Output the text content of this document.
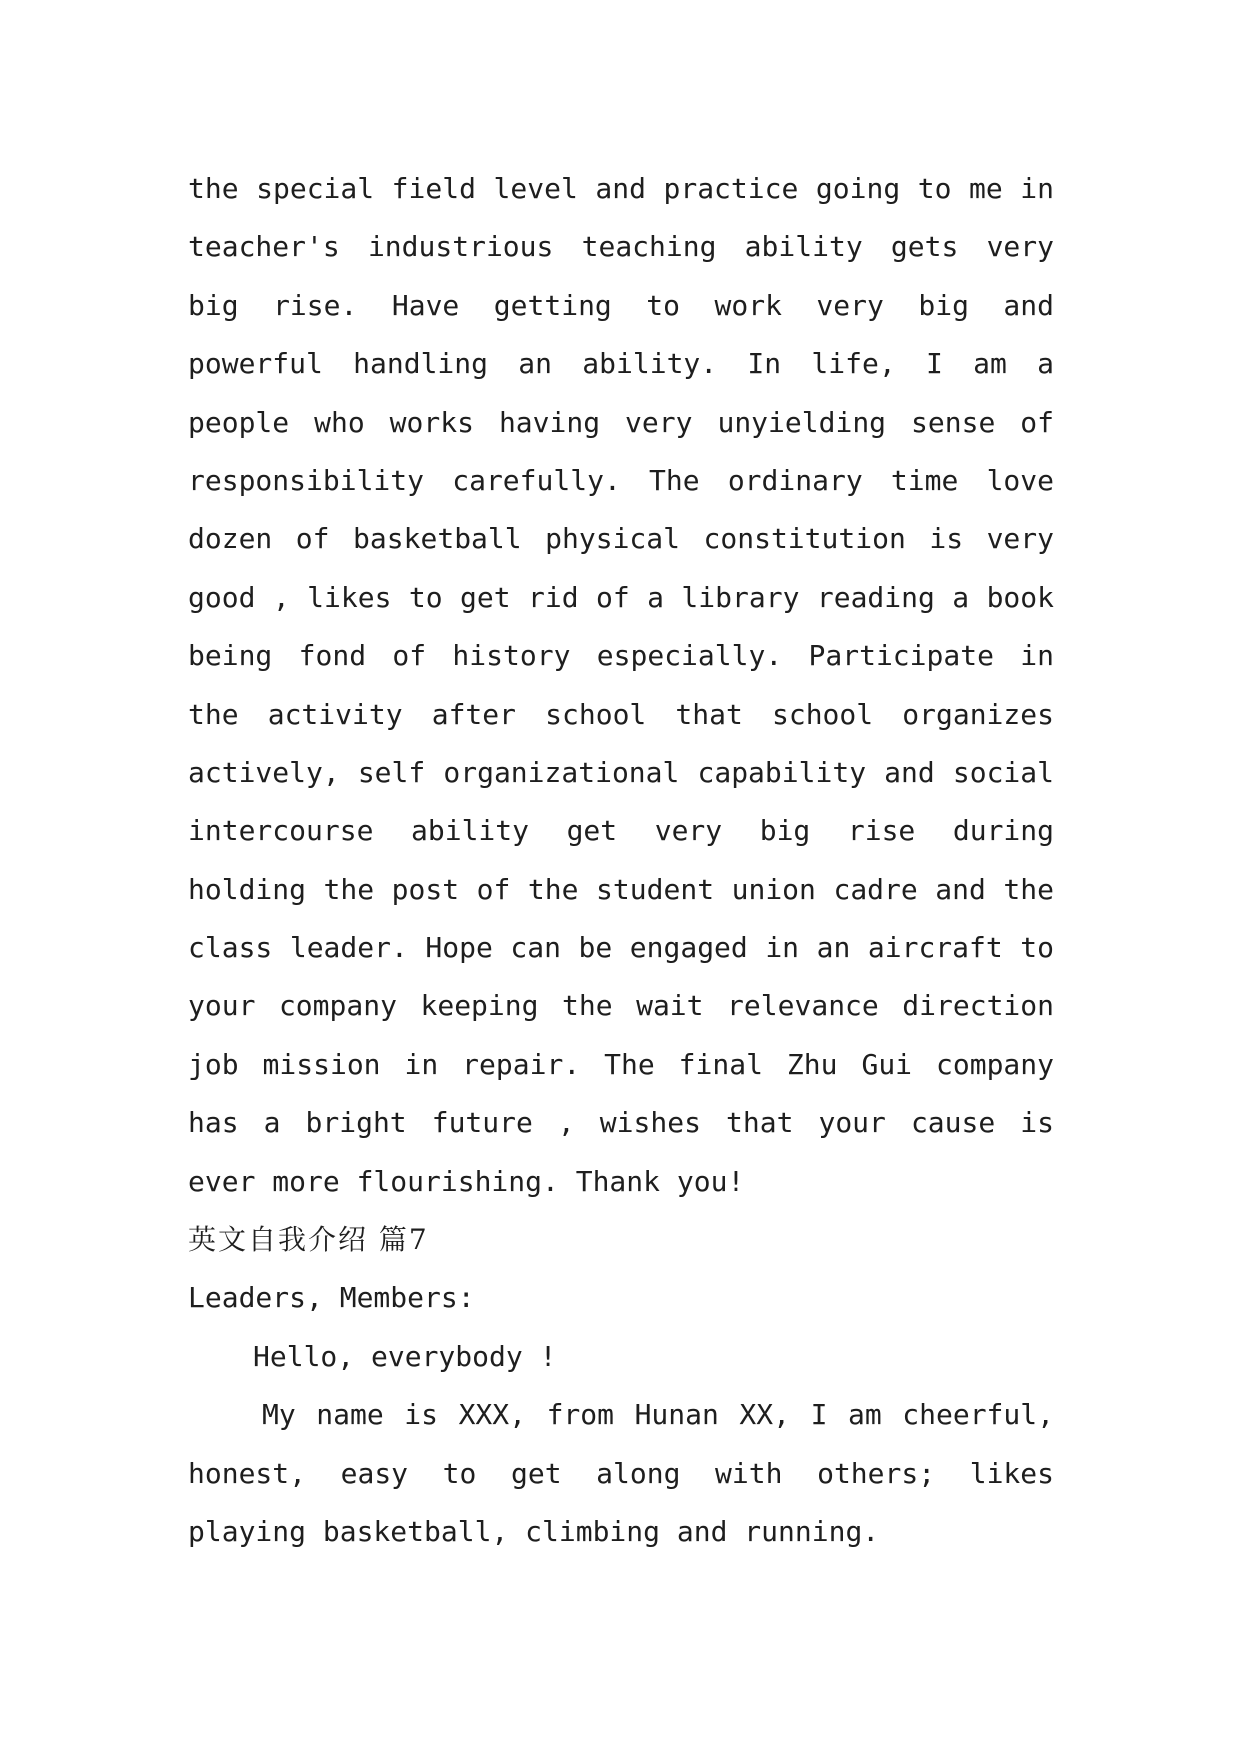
the special field level and practice going to me in
teacher's industrious teaching ability gets very
big rise. Have getting to work very big and
powerful handling an ability. In life, I am a
people who works having very unyielding sense of
responsibility carefully. The ordinary time love
dozen of basketball physical constitution is very
good , likes to get rid of a library reading a book
being fond of history especially. Participate in
the activity after school that school organizes
actively, self organizational capability and social
intercourse ability get very big rise during
holding the post of the student union cadre and the
class leader. Hope can be engaged in an aircraft to
your company keeping the wait relevance direction
job mission in repair. The final Zhu Gui company
has a bright future , wishes that your cause is
ever more flourishing. Thank you!
英文自我介绍 篇7
Leaders, Members:
Hello, everybody !
My name is XXX, from Hunan XX, I am cheerful,
honest, easy to get along with others; likes
playing basketball, climbing and running.
